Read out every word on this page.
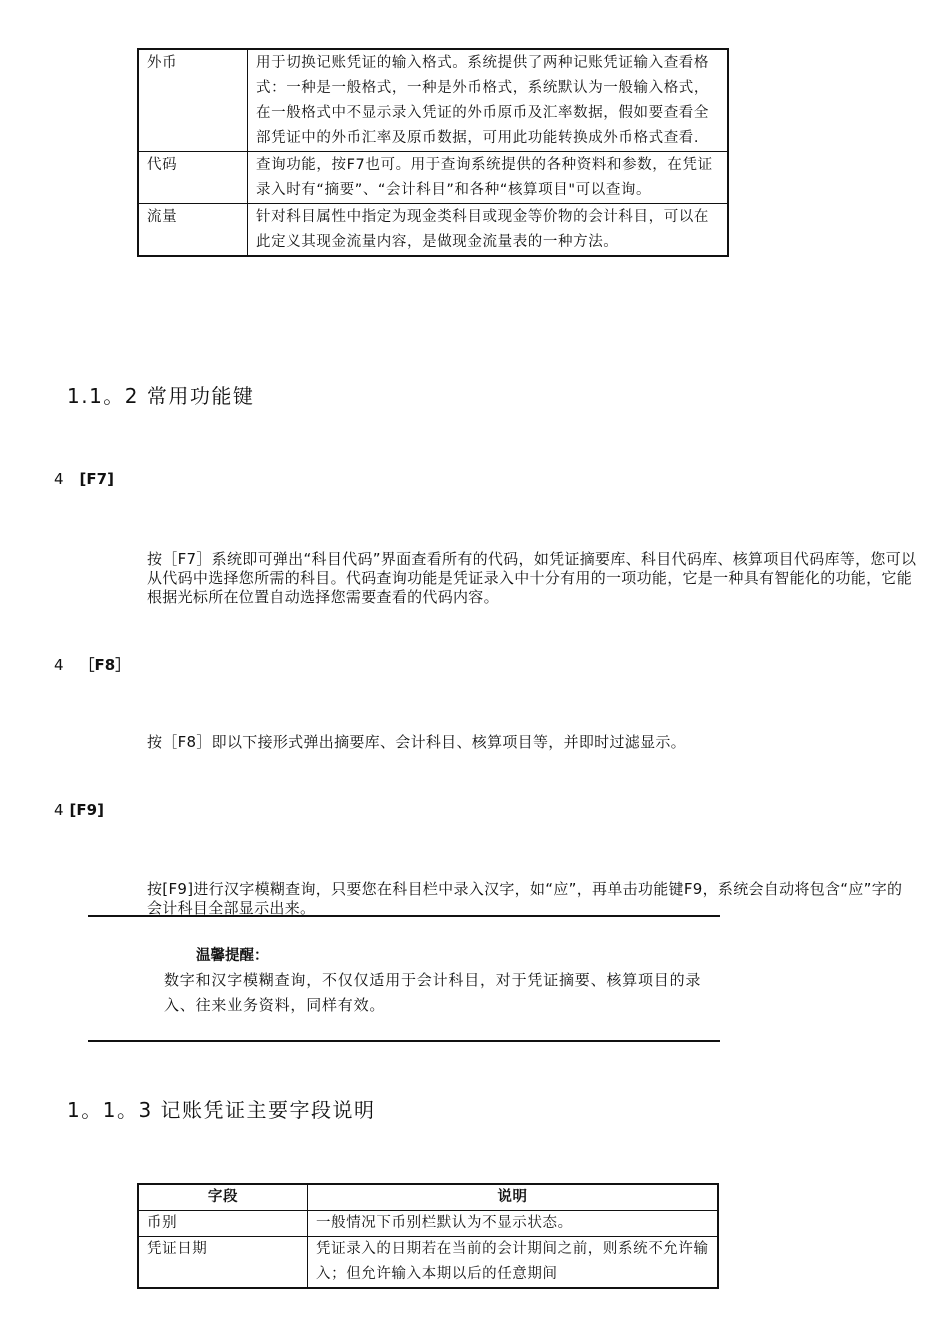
外币	用于切换记账凭证的输入格式。系统提供了两种记账凭证输入查看格式：一种是一般格式，一种是外币格式，系统默认为一般输入格式，在一般格式中不显示录入凭证的外币原币及汇率数据，假如要查看全部凭证中的外币汇率及原币数据，可用此功能转换成外币格式查看.
代码	查询功能，按F7也可。用于查询系统提供的各种资料和参数，在凭证录入时有“摘要”、“会计科目”和各种“核算项目"可以查询。
流量	针对科目属性中指定为现金类科目或现金等价物的会计科目，可以在此定义其现金流量内容，是做现金流量表的一种方法。
1.1。2 常用功能键
4 [F7]
按［F7］系统即可弹出“科目代码”界面查看所有的代码，如凭证摘要库、科目代码库、核算项目代码库等，您可以从代码中选择您所需的科目。代码查询功能是凭证录入中十分有用的一项功能，它是一种具有智能化的功能，它能根据光标所在位置自动选择您需要查看的代码内容。
4 ［F8］
按［F8］即以下接形式弹出摘要库、会计科目、核算项目等，并即时过滤显示。
4 [F9]
按[F9]进行汉字模糊查询，只要您在科目栏中录入汉字，如“应”，再单击功能键F9，系统会自动将包含“应”字的会计科目全部显示出来。
温馨提醒：
数字和汉字模糊查询，不仅仅适用于会计科目，对于凭证摘要、核算项目的录入、往来业务资料，同样有效。
1。1。3 记账凭证主要字段说明
字段	说明
币别	一般情况下币别栏默认为不显示状态。
凭证日期	凭证录入的日期若在当前的会计期间之前，则系统不允许输入；但允许输入本期以后的任意期间
